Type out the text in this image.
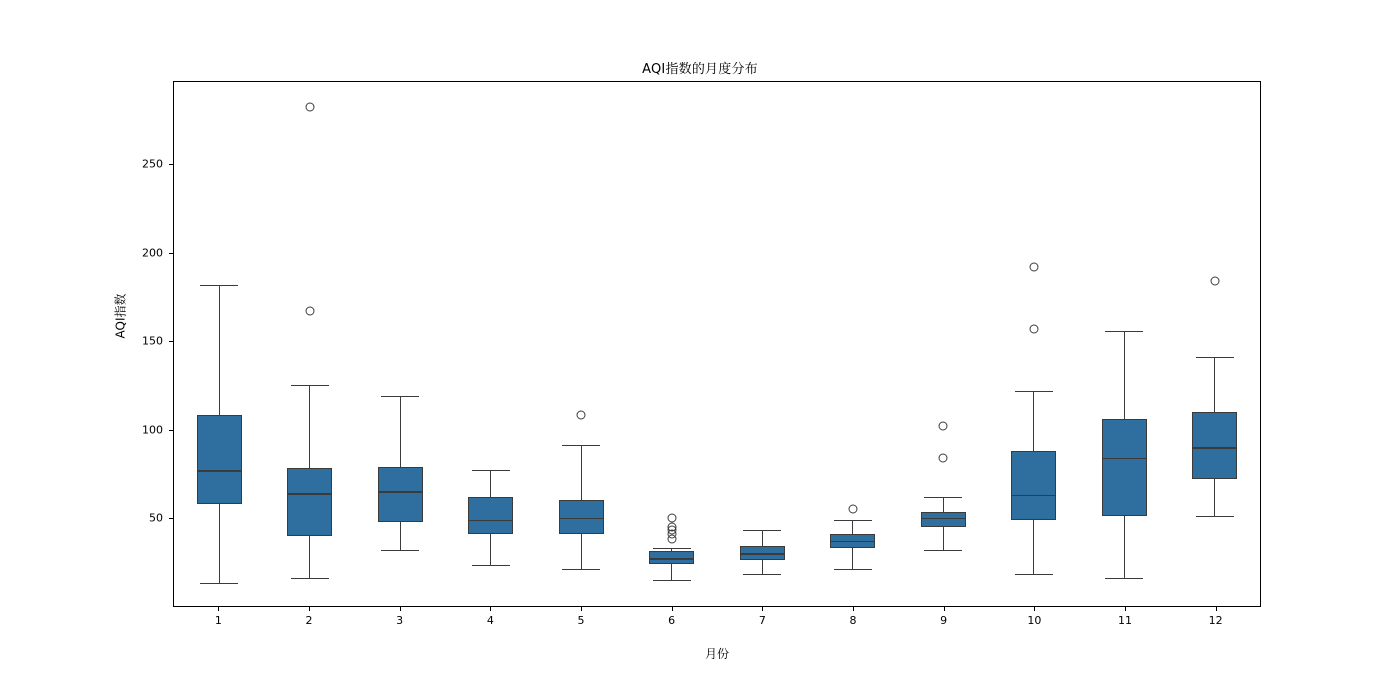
AQI指数的月度分布
AQI指数
1	2	3	4	5	6	7	8	9	10	11	12
50
100
150
200
250
月份
